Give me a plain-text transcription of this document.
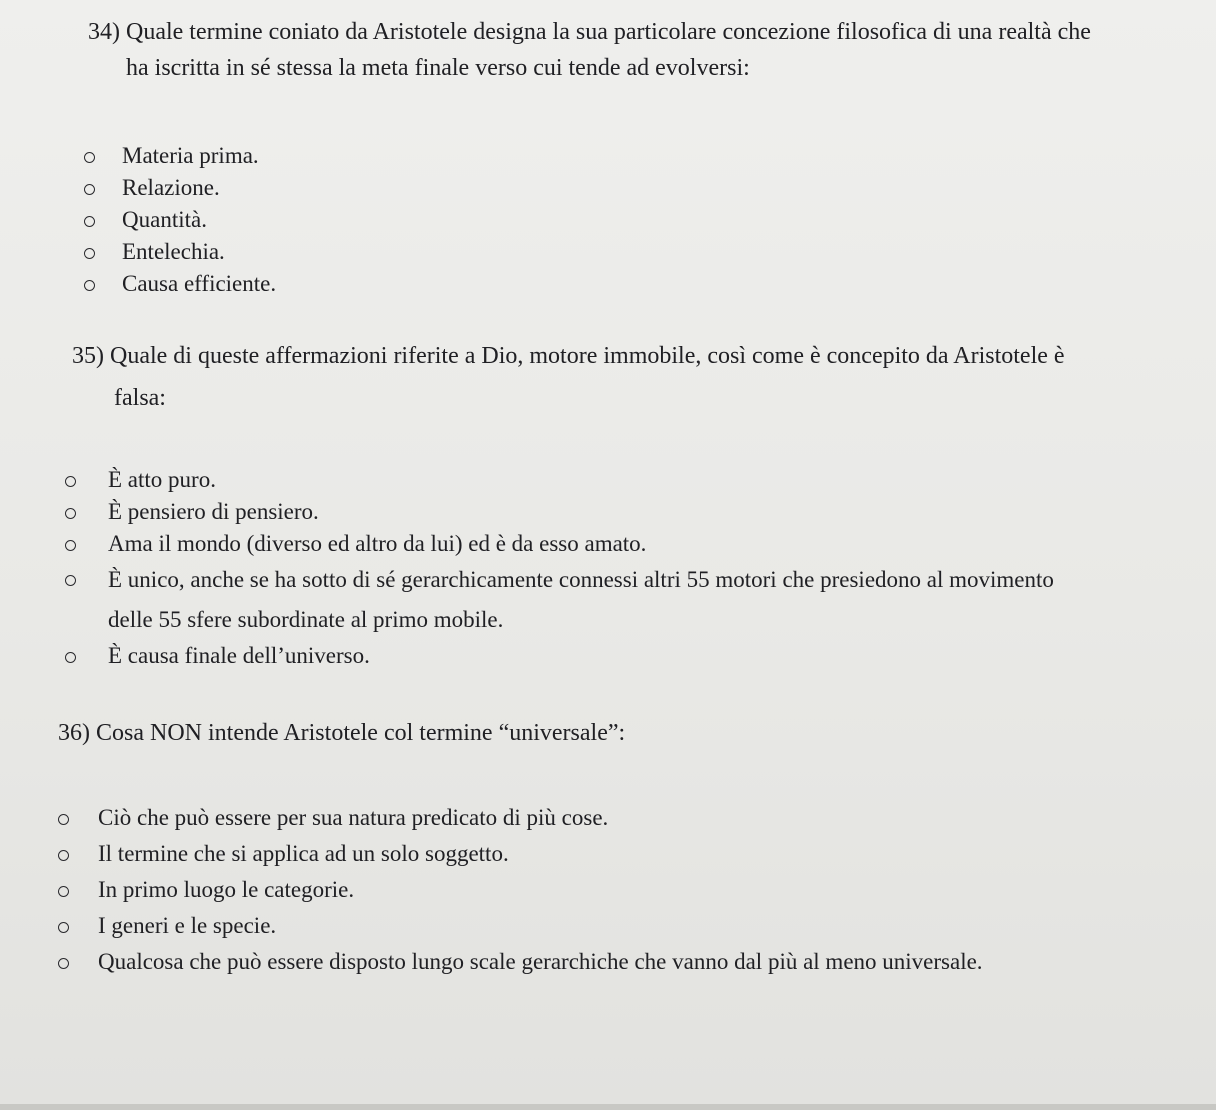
34) Quale termine coniato da Aristotele designa la sua particolare concezione filosofica di una realtà che

ha iscritta in sé stessa la meta finale verso cui tende ad evolversi:

Materia prima.
Relazione.
Quantità.
Entelechia.
Causa efficiente.

35) Quale di queste affermazioni riferite a Dio, motore immobile, così come è concepito da Aristotele è

falsa:

È atto puro.
È pensiero di pensiero.
Ama il mondo (diverso ed altro da lui) ed è da esso amato.
È unico, anche se ha sotto di sé gerarchicamente connessi altri 55 motori che presiedono al movimento delle 55 sfere subordinate al primo mobile.
È causa finale dell’universo.

36) Cosa NON intende Aristotele col termine “universale”:

Ciò che può essere per sua natura predicato di più cose.
Il termine che si applica ad un solo soggetto.
In primo luogo le categorie.
I generi e le specie.
Qualcosa che può essere disposto lungo scale gerarchiche che vanno dal più al meno universale.
